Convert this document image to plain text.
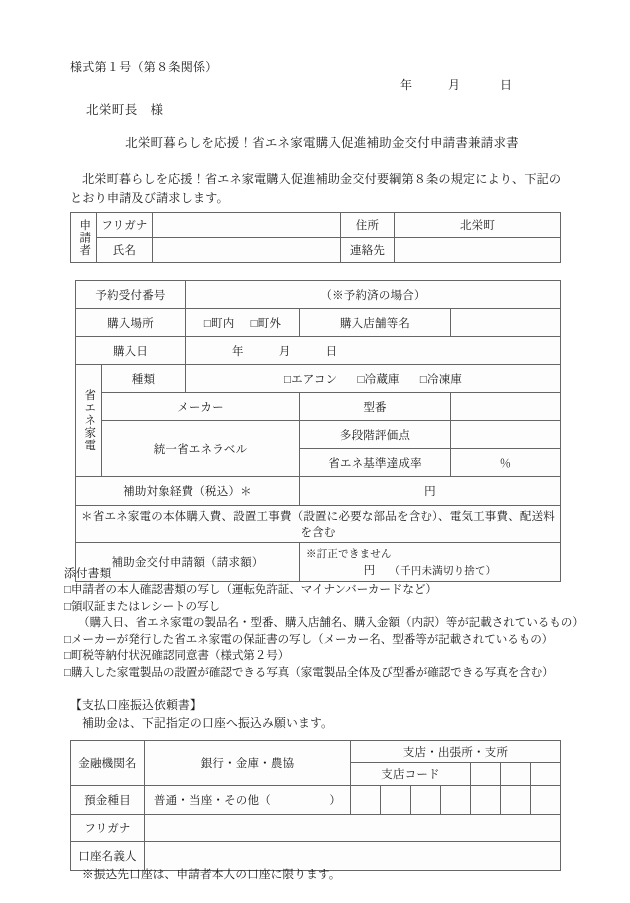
様式第１号（第８条関係）
年	月	日
北栄町長　様
北栄町暮らしを応援！省エネ家電購入促進補助金交付申請書兼請求書
北栄町暮らしを応援！省エネ家電購入促進補助金交付要綱第８条の規定により、下記のとおり申請及び請求します。
申請者	フリガナ		住所	北栄町
	氏名		連絡先	
予約受付番号		（※予約済の場合）		
購入場所		□町内 □町外	購入店舗等名	
購入日		年　　　月　　　日		

省エネ家電	種類	□エアコン □冷蔵庫 □冷凍庫		
	メーカー		型番	
	統一省エネラベル		多段階評価点	
			省エネ基準達成率	％
補助対象経費（税込）＊			円	
＊省エネ家電の本体購入費、設置工事費（設置に必要な部品を含む）、電気工事費、配送料を含む				
補助金交付申請額（請求額）			※訂正できません
円 （千円未満切り捨て）	
添付書類
□申請者の本人確認書類の写し（運転免許証、マイナンバーカードなど）
□領収証またはレシートの写し
（購入日、省エネ家電の製品名・型番、購入店舗名、購入金額（内訳）等が記載されているもの）
□メーカーが発行した省エネ家電の保証書の写し（メーカー名、型番等が記載されているもの）
□町税等納付状況確認同意書（様式第２号）
□購入した家電製品の設置が確認できる写真（家電製品全体及び型番が確認できる写真を含む）
【支払口座振込依頼書】
補助金は、下記指定の口座へ振込み願います。
金融機関名	銀行・金庫・農協	支店・出張所・支所						
		支店コード						
預金種目	普通・当座・その他（　　　　　）							
フリガナ								
口座名義人								
※振込先口座は、申請者本人の口座に限ります。
